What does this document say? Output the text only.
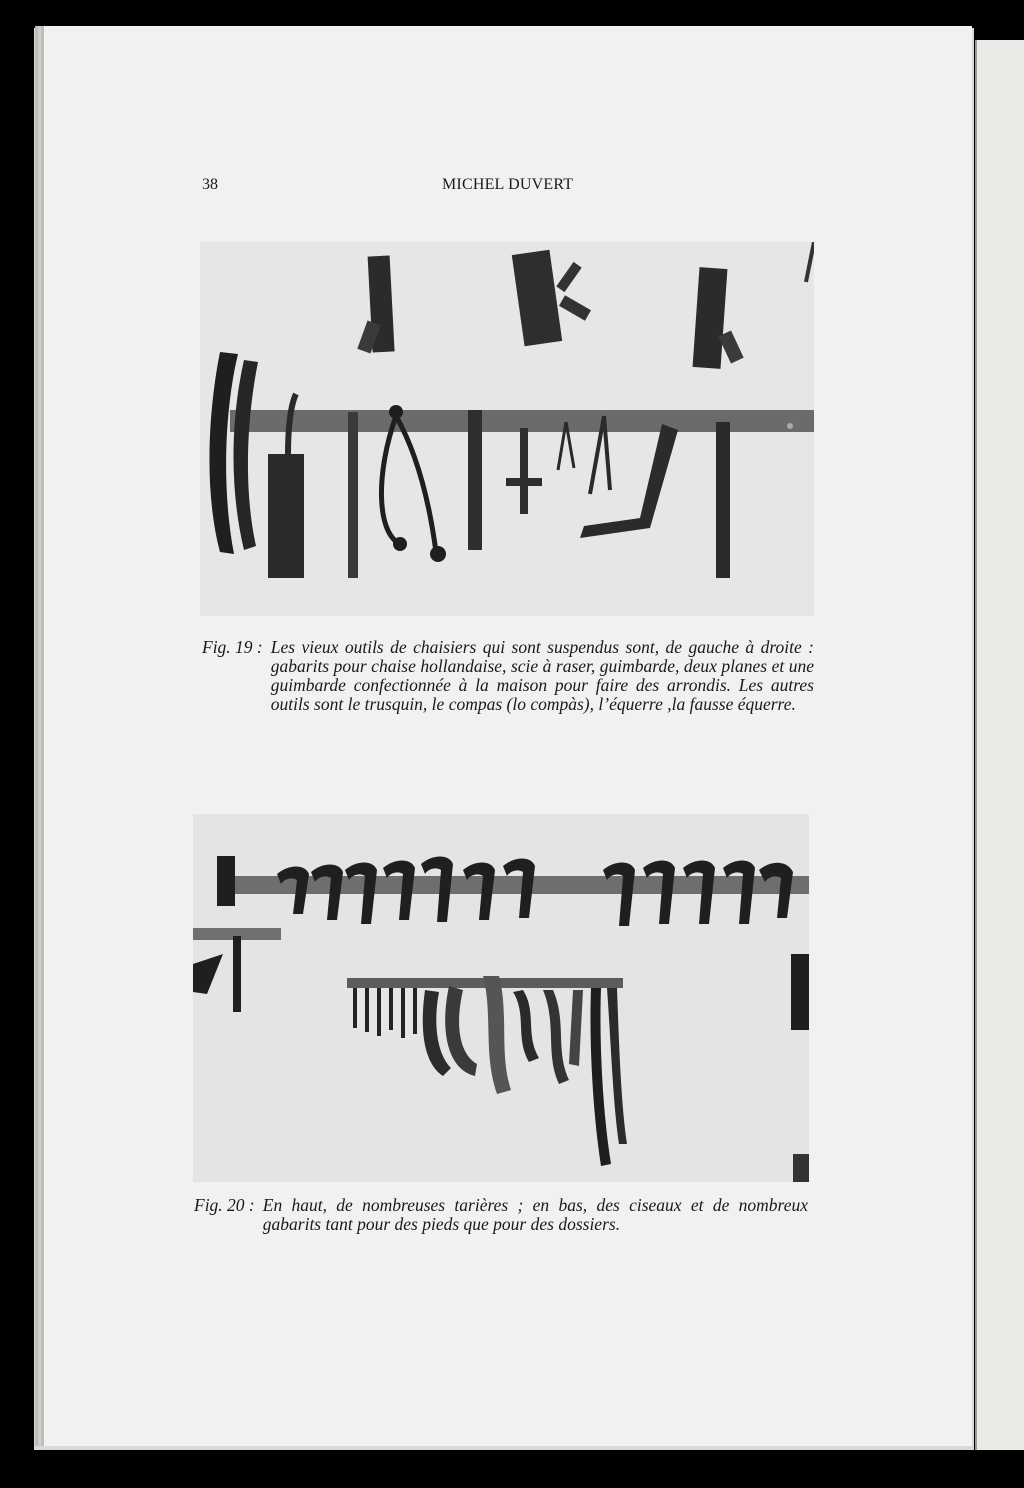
38	MICHEL DUVERT
Fig. 19 : Les vieux outils de chaisiers qui sont suspendus sont, de gauche à droite : gabarits pour chaise hollandaise, scie à raser, guimbarde, deux planes et une guimbarde confectionnée à la maison pour faire des arrondis. Les autres outils sont le trusquin, le compas (lo compàs), l’équerre ,la fausse équerre.
Fig. 20 : En haut, de nombreuses tarières ; en bas, des ciseaux et de nombreux gabarits tant pour des pieds que pour des dossiers.
